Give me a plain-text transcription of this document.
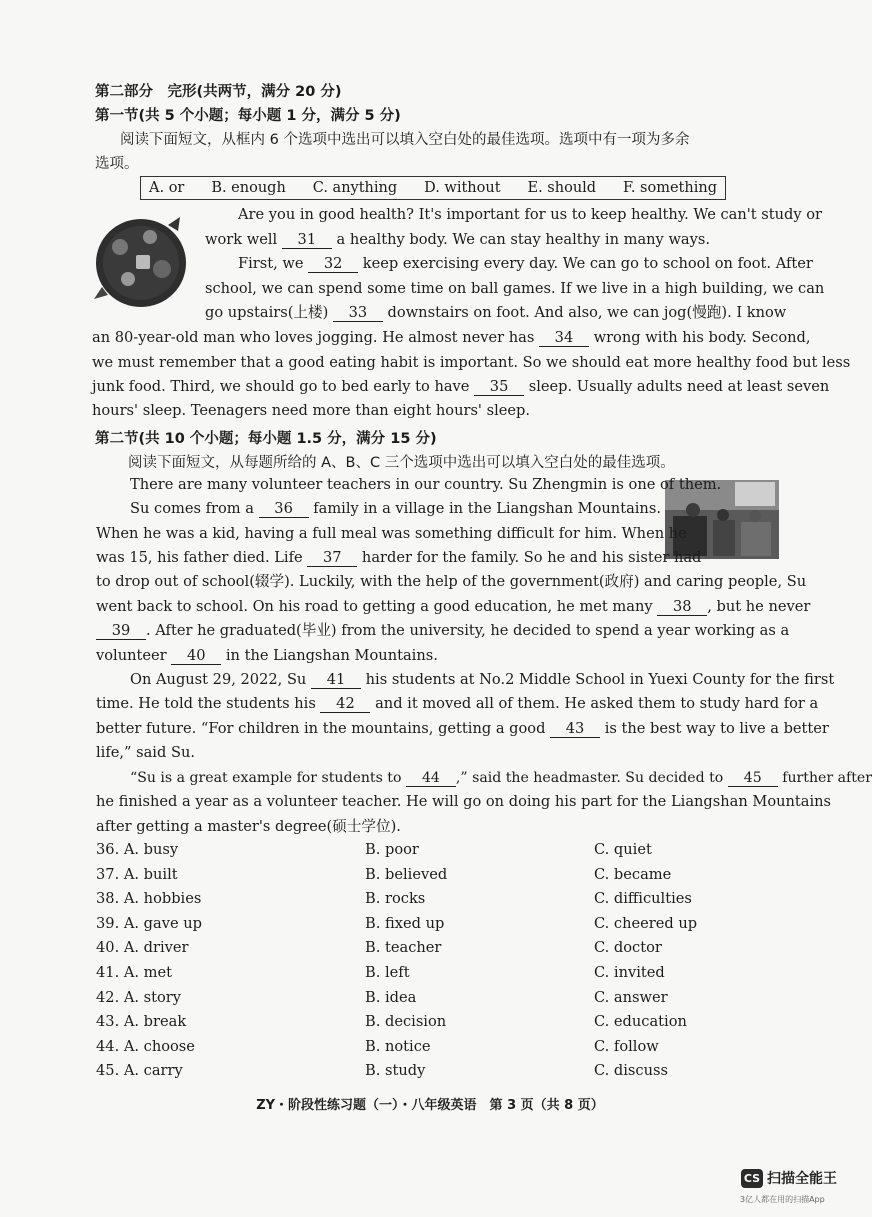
第二部分　完形(共两节，满分 20 分)
第一节(共 5 个小题；每小题 1 分，满分 5 分)
阅读下面短文，从框内 6 个选项中选出可以填入空白处的最佳选项。选项中有一项为多余
选项。
A. or B. enough C. anything D. without E. should F. something
Are you in good health? It's important for us to keep healthy. We can't study or
work well 31 a healthy body. We can stay healthy in many ways.
First, we 32 keep exercising every day. We can go to school on foot. After
school, we can spend some time on ball games. If we live in a high building, we can
go upstairs(上楼) 33 downstairs on foot. And also, we can jog(慢跑). I know
an 80-year-old man who loves jogging. He almost never has 34 wrong with his body. Second,
we must remember that a good eating habit is important. So we should eat more healthy food but less
junk food. Third, we should go to bed early to have 35 sleep. Usually adults need at least seven
hours' sleep. Teenagers need more than eight hours' sleep.
第二节(共 10 个小题；每小题 1.5 分，满分 15 分)
阅读下面短文，从每题所给的 A、B、C 三个选项中选出可以填入空白处的最佳选项。
There are many volunteer teachers in our country. Su Zhengmin is one of them.
Su comes from a 36 family in a village in the Liangshan Mountains.
When he was a kid, having a full meal was something difficult for him. When he
was 15, his father died. Life 37 harder for the family. So he and his sister had
to drop out of school(辍学). Luckily, with the help of the government(政府) and caring people, Su
went back to school. On his road to getting a good education, he met many 38 , but he never
39 . After he graduated(毕业) from the university, he decided to spend a year working as a
volunteer 40 in the Liangshan Mountains.
On August 29, 2022, Su 41 his students at No.2 Middle School in Yuexi County for the first
time. He told the students his 42 and it moved all of them. He asked them to study hard for a
better future. “For children in the mountains, getting a good 43 is the best way to live a better
life,” said Su.
“Su is a great example for students to 44 ,” said the headmaster. Su decided to 45 further after
he finished a year as a volunteer teacher. He will go on doing his part for the Liangshan Mountains
after getting a master's degree(硕士学位).
36. A. busy	B. poor	C. quiet
37. A. built	B. believed	C. became
38. A. hobbies	B. rocks	C. difficulties
39. A. gave up	B. fixed up	C. cheered up
40. A. driver	B. teacher	C. doctor
41. A. met	B. left	C. invited
42. A. story	B. idea	C. answer
43. A. break	B. decision	C. education
44. A. choose	B. notice	C. follow
45. A. carry	B. study	C. discuss
ZY・阶段性练习题（一）・八年级英语　第 3 页（共 8 页）
CS 扫描全能王
3亿人都在用的扫描App
